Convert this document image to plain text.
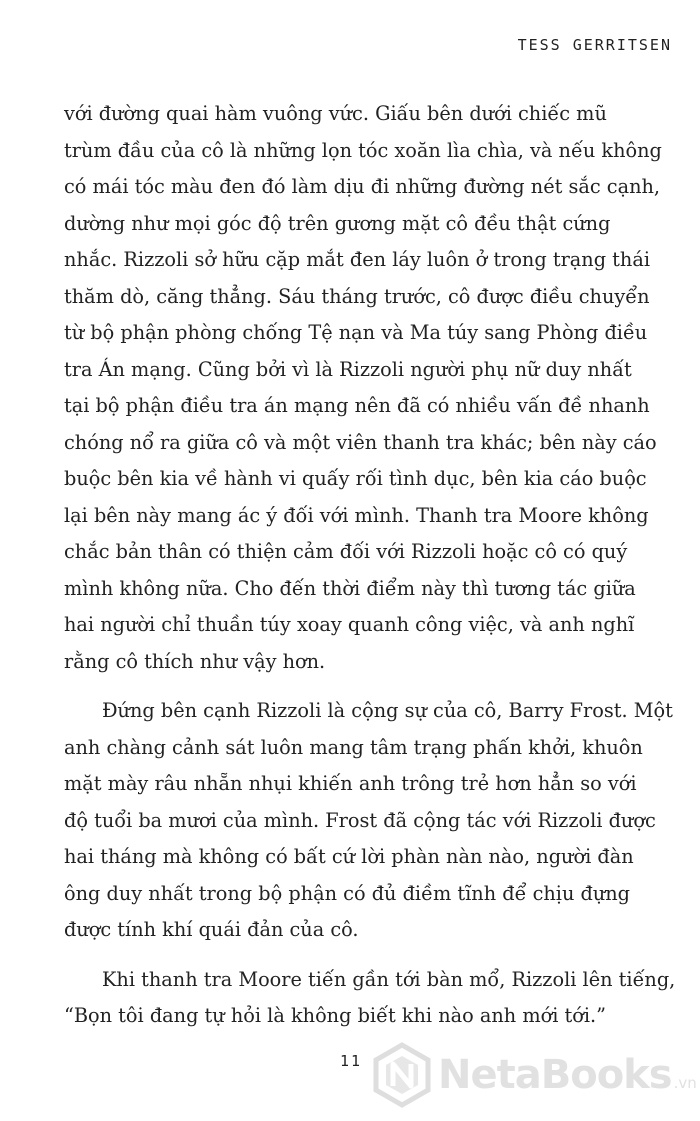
TESS GERRITSEN

với đường quai hàm vuông vức. Giấu bên dưới chiếc mũ
trùm đầu của cô là những lọn tóc xoăn lìa chìa, và nếu không
có mái tóc màu đen đó làm dịu đi những đường nét sắc cạnh,
dường như mọi góc độ trên gương mặt cô đều thật cứng
nhắc. Rizzoli sở hữu cặp mắt đen láy luôn ở trong trạng thái
thăm dò, căng thẳng. Sáu tháng trước, cô được điều chuyển
từ bộ phận phòng chống Tệ nạn và Ma túy sang Phòng điều
tra Án mạng. Cũng bởi vì là Rizzoli người phụ nữ duy nhất
tại bộ phận điều tra án mạng nên đã có nhiều vấn đề nhanh
chóng nổ ra giữa cô và một viên thanh tra khác; bên này cáo
buộc bên kia về hành vi quấy rối tình dục, bên kia cáo buộc
lại bên này mang ác ý đối với mình. Thanh tra Moore không
chắc bản thân có thiện cảm đối với Rizzoli hoặc cô có quý
mình không nữa. Cho đến thời điểm này thì tương tác giữa
hai người chỉ thuần túy xoay quanh công việc, và anh nghĩ
rằng cô thích như vậy hơn.

Đứng bên cạnh Rizzoli là cộng sự của cô, Barry Frost. Một
anh chàng cảnh sát luôn mang tâm trạng phấn khởi, khuôn
mặt mày râu nhẵn nhụi khiến anh trông trẻ hơn hẳn so với
độ tuổi ba mươi của mình. Frost đã cộng tác với Rizzoli được
hai tháng mà không có bất cứ lời phàn nàn nào, người đàn
ông duy nhất trong bộ phận có đủ điềm tĩnh để chịu đựng
được tính khí quái đản của cô.

Khi thanh tra Moore tiến gần tới bàn mổ, Rizzoli lên tiếng,
“Bọn tôi đang tự hỏi là không biết khi nào anh mới tới.”

11 NetaBooks .vn
